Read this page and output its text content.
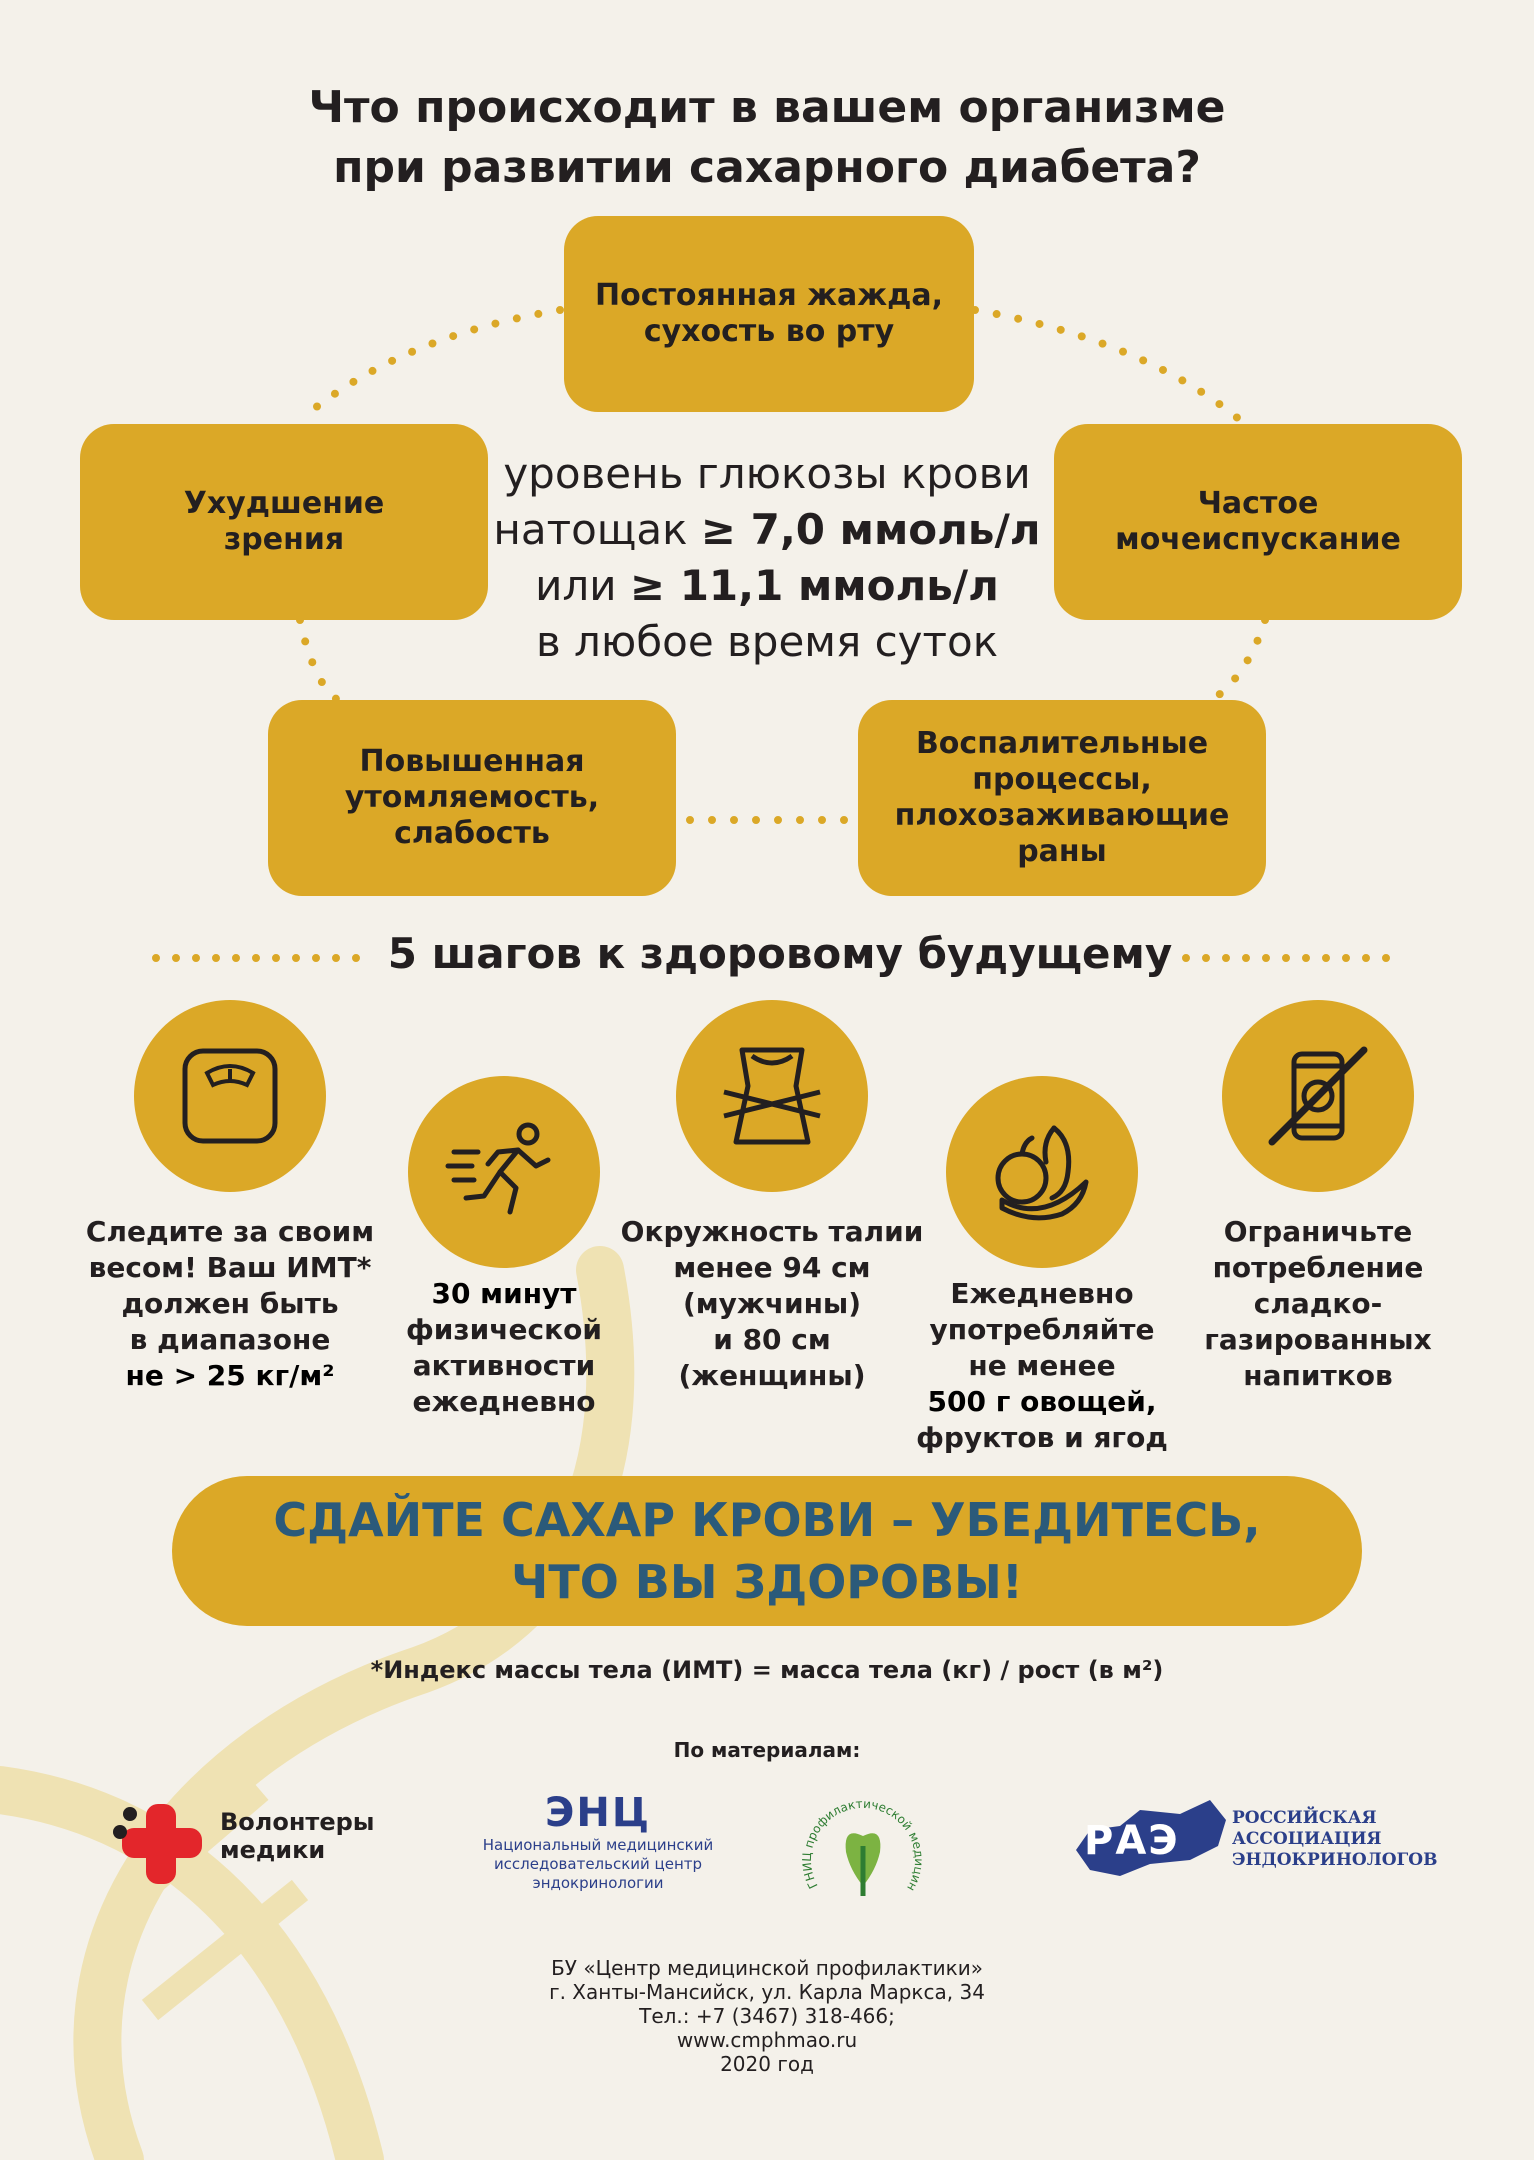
Что происходит в вашем организме
при развитии сахарного диабета?
Постоянная жажда,
сухость во рту
Ухудшение
зрения
Частое
мочеиспускание
Повышенная
утомляемость,
слабость
Воспалительные
процессы,
плохозаживающие
раны
уровень глюкозы крови
натощак ≥ 7,0 ммоль/л
или ≥ 11,1 ммоль/л
в любое время суток
5 шагов к здоровому будущему
Следите за своим
весом! Ваш ИМТ*
должен быть
в диапазоне
не > 25 кг/м²
30 минут
физической
активности
ежедневно
Окружность талии
менее 94 см
(мужчины)
и 80 см
(женщины)
Ежедневно
употребляйте
не менее
500 г овощей,
фруктов и ягод
Ограничьте
потребление
сладко-
газированных
напитков
СДАЙТЕ САХАР КРОВИ – УБЕДИТЕСЬ,
ЧТО ВЫ ЗДОРОВЫ!
*Индекс массы тела (ИМТ) = масса тела (кг) / рост (в м²)
По материалам:
Волонтеры
медики
ЭНЦ
Национальный медицинский
исследовательский центр
эндокринологии	ГНИЦ профилактической медицин
РАЭ	РОССИЙСКАЯ
АССОЦИАЦИЯ
ЭНДОКРИНОЛОГОВ
БУ «Центр медицинской профилактики»
г. Ханты-Мансийск, ул. Карла Маркса, 34
Тел.: +7 (3467) 318-466;
www.cmphmao.ru
2020 год
